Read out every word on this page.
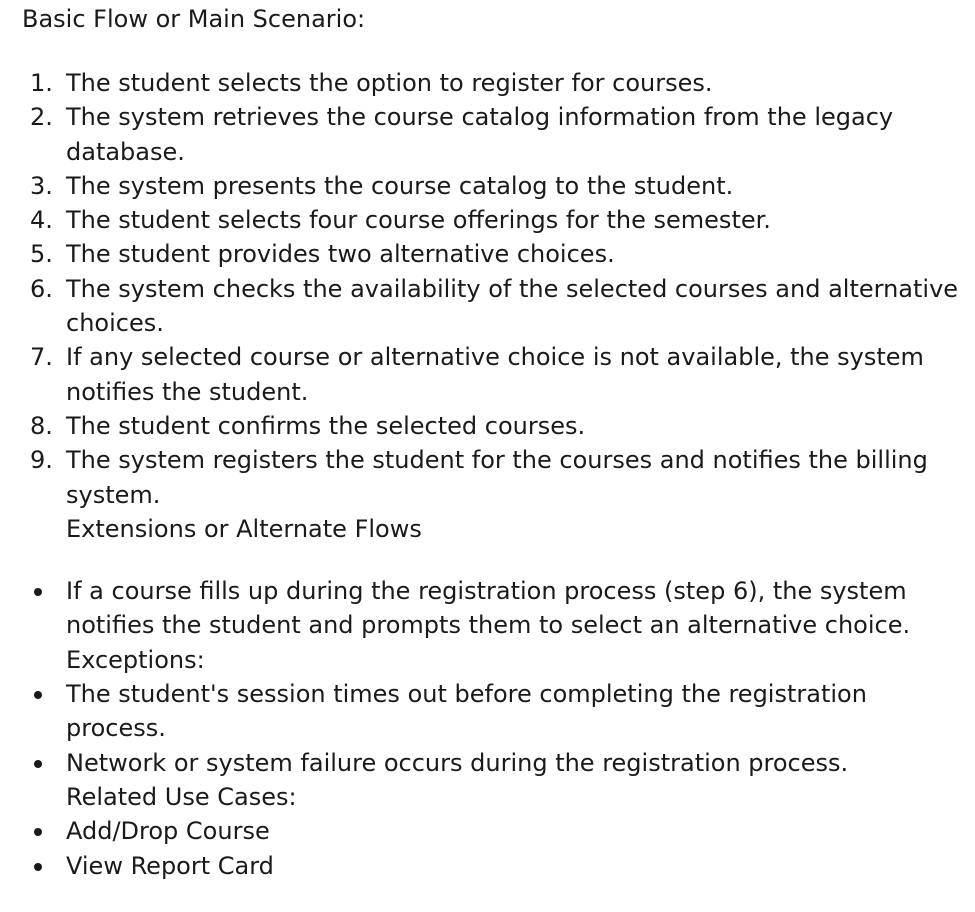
Basic Flow or Main Scenario:
1. The student selects the option to register for courses.
2. The system retrieves the course catalog information from the legacy database.
3. The system presents the course catalog to the student.
4. The student selects four course offerings for the semester.
5. The student provides two alternative choices.
6. The system checks the availability of the selected courses and alternative choices.
7. If any selected course or alternative choice is not available, the system notifies the student.
8. The student confirms the selected courses.
9. The system registers the student for the courses and notifies the billing system.
Extensions or Alternate Flows
If a course fills up during the registration process (step 6), the system notifies the student and prompts them to select an alternative choice.
Exceptions:
The student's session times out before completing the registration process.
Network or system failure occurs during the registration process.
Related Use Cases:
Add/Drop Course
View Report Card
